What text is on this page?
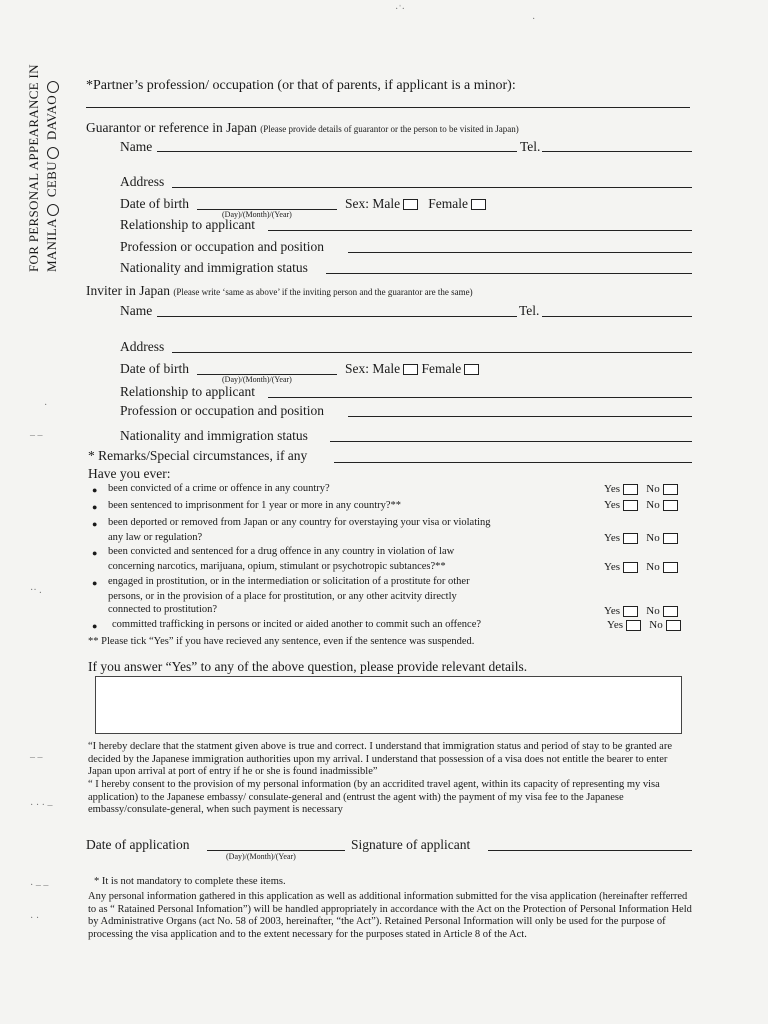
FOR PERSONAL APPEARANCE IN MANILA  CEBU  DAVAO
·ˈ·
·
·
– –
·· .
– –
· · · –
· – –
· ·
*Partner’s profession/ occupation (or that of parents, if applicant is a minor):
Guarantor or reference in Japan (Please provide details of guarantor or the person to be visited in Japan)
Name	Tel.
Address
Date of birth
(Day)/(Month)/(Year)
Sex: Male Female
Relationship to applicant
Profession or occupation and position
Nationality and immigration status
Inviter in Japan (Please write ‘same as above’ if the inviting person and the guarantor are the same)
Name	Tel.
Address
Date of birth
(Day)/(Month)/(Year)
Sex: Male Female
Relationship to applicant
Profession or occupation and position
Nationality and immigration status
* Remarks/Special circumstances, if any
Have you ever:
● been convicted of a crime or offence in any country?	Yes No
● been sentenced to imprisonment for 1 year or more in any country?**	Yes No
● been deported or removed from Japan or any country for overstaying your visa or violating
any law or regulation?	Yes No
● been convicted and sentenced for a drug offence in any country in violation of law
concerning narcotics, marijuana, opium, stimulant or psychotropic subtances?**	Yes No
● engaged in prostitution, or in the intermediation or solicitation of a prostitute for other
persons, or in the provision of a place for prostitution, or any other acitvity directly
connected to prostitution?	Yes No
● committed trafficking in persons or incited or aided another to commit such an offence?	Yes No
** Please tick “Yes” if you have recieved any sentence, even if the sentence was suspended.
If you answer “Yes” to any of the above question, please provide relevant details.
“I hereby declare that the statment given above is true and correct. I understand that immigration status and period of stay to be granted are decided by the Japanese immigration authorities upon my arrival. I understand that possession of a visa does not entitle the bearer to enter Japan upon arrival at port of entry if he or she is found inadmissible”
“ I hereby consent to the provision of my personal information (by an accridited travel agent, within its capacity of representing my visa application) to the Japanese embassy/ consulate-general and (entrust the agent with) the payment of my visa fee to the Japanese embassy/consulate-general, when such payment is necessary
Date of application
(Day)/(Month)/(Year)
Signature of applicant
* It is not mandatory to complete these items.
Any personal information gathered in this application as well as additional information submitted for the visa application (hereinafter refferred to as “ Ratained Personal Infomation”) will be handled appropriately in accordance with the Act on the Protection of Personal Information Held by Administrative Organs (act No. 58 of 2003, hereinafter, “the Act”). Retained Personal Information will only be used for the purpose of processing the visa application and to the extent necessary for the purposes stated in Article 8 of the Act.
